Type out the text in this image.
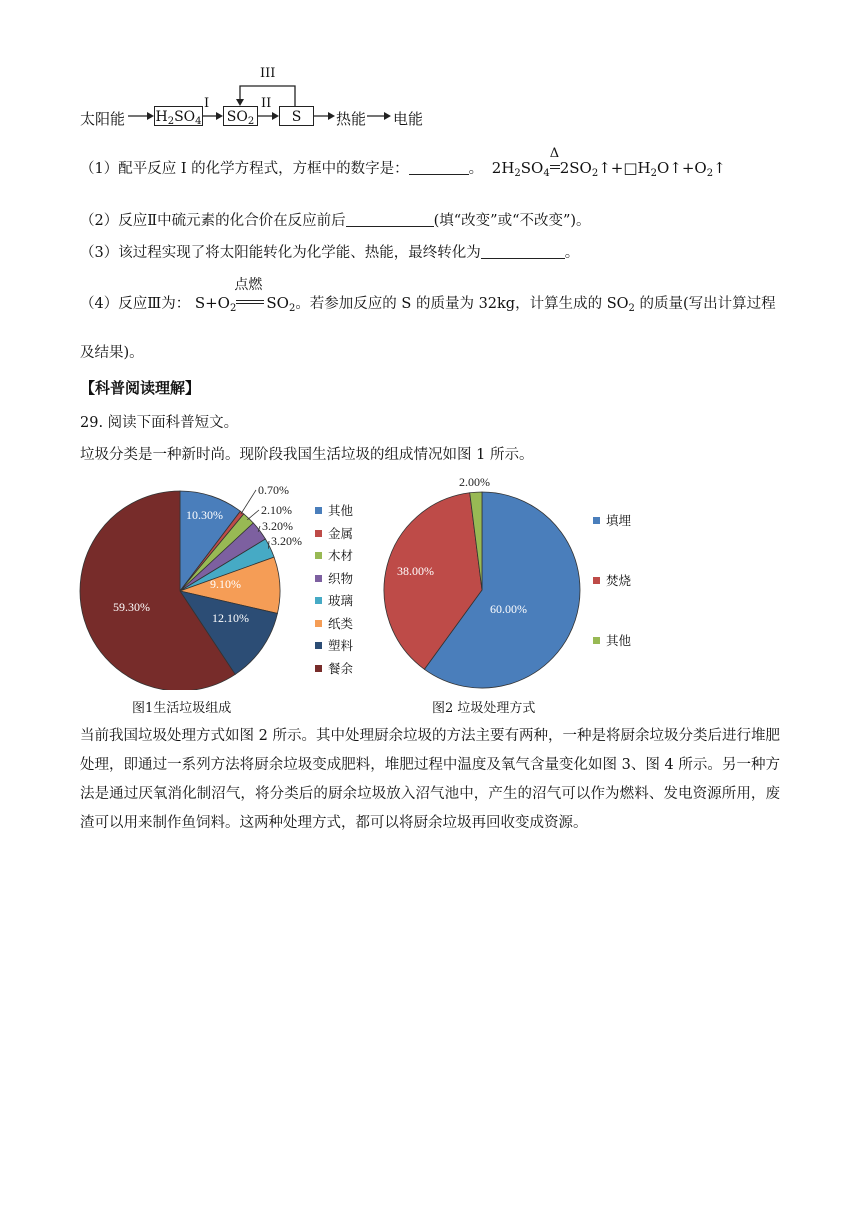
太阳能 $H_2SO_4$
I
$SO_2$
II
S
III
热能 电能
（1）配平反应 I 的化学方程式，方框中的数字是：	。 $2H_2SO_4$
Δ
$2SO_2↑+□H_2O↑+O_2↑$
（2）反应Ⅱ中硫元素的化合价在反应前后	(填“改变”或“不改变”)。
（3）该过程实现了将太阳能转化为化学能、热能，最终转化为	。
（4）反应Ⅲ为： $S+O_2$
点燃
$SO_2$。若参加反应的 S 的质量为 32kg，计算生成的 $SO_2$ 的质量(写出计算过程
及结果)。
【科普阅读理解】
29. 阅读下面科普短文。
垃圾分类是一种新时尚。现阶段我国生活垃圾的组成情况如图 1 所示。
10.30%
0.70%
2.10%
3.20%
3.20%
9.10%
12.10%
59.30%
其他
金属
木材
织物
玻璃
纸类
塑料
餐余
图1生活垃圾组成
60.00%
38.00%
2.00%
填埋
焚烧
其他
图2 垃圾处理方式
当前我国垃圾处理方式如图 2 所示。其中处理厨余垃圾的方法主要有两种，一种是将厨余垃圾分类后进行堆肥处理，即通过一系列方法将厨余垃圾变成肥料，堆肥过程中温度及氧气含量变化如图 3、图 4 所示。另一种方法是通过厌氧消化制沼气，将分类后的厨余垃圾放入沼气池中，产生的沼气可以作为燃料、发电资源所用，废渣可以用来制作鱼饲料。这两种处理方式，都可以将厨余垃圾再回收变成资源。
